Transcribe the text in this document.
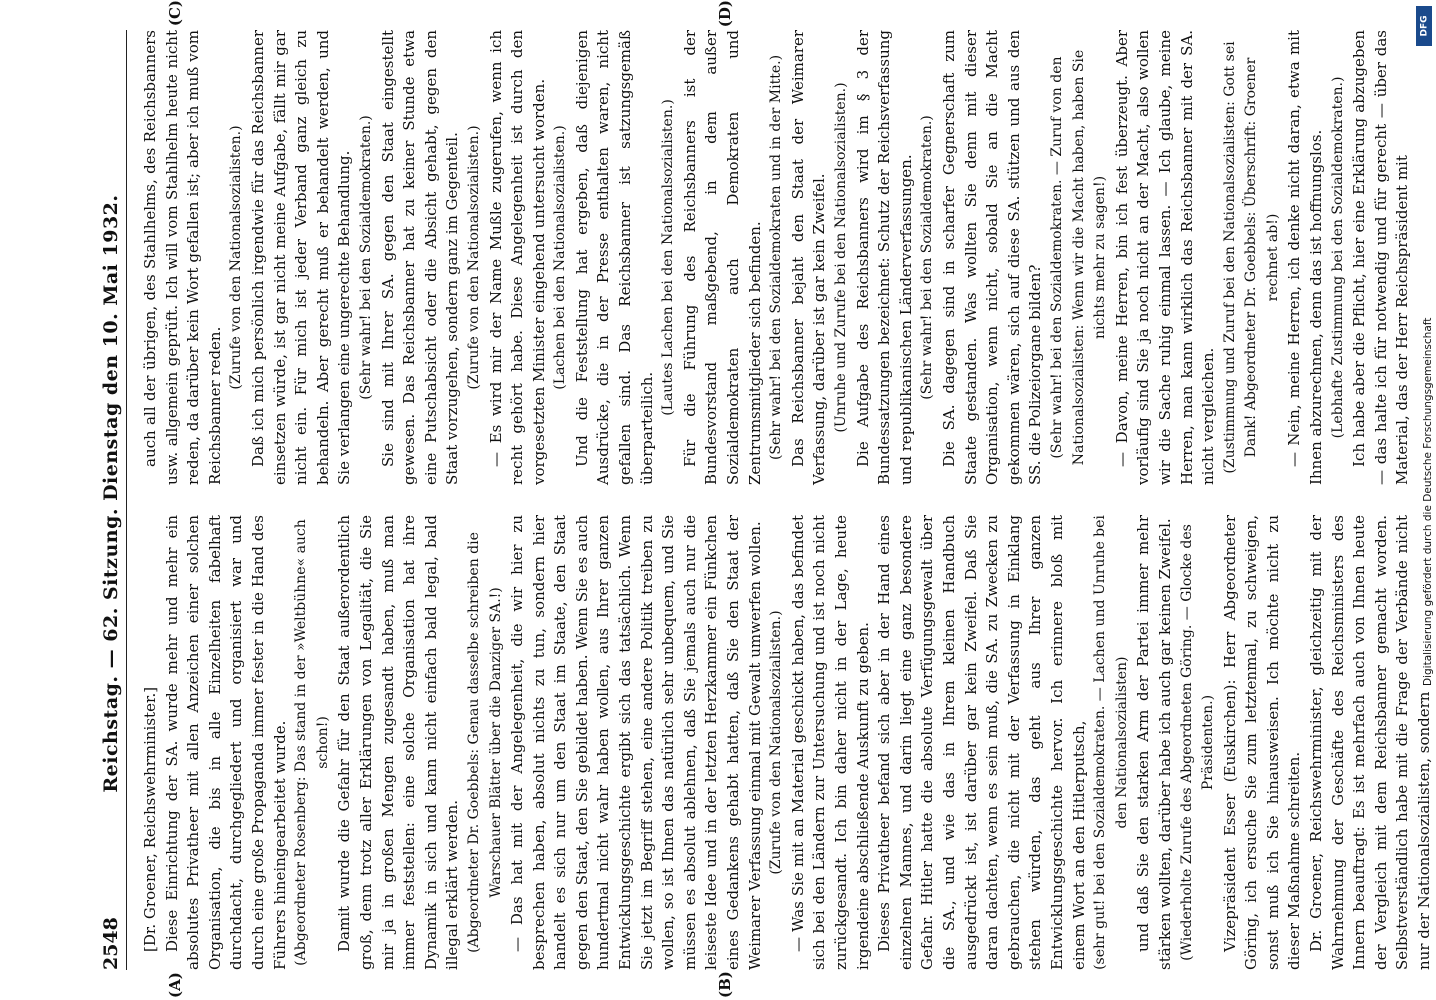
2548
Reichstag. — 62. Sitzung. Dienstag den 10. Mai 1932.

[Dr. Groener, Reichswehrminister.] Diese Einrichtung der SA. wurde mehr und mehr ein absolutes Privatheer mit allen Anzeichen einer solchen Organisation, die bis in alle Einzelheiten fabelhaft durchdacht, durchgegliedert und organisiert war und durch eine große Propaganda immer fester in die Hand des Führers hineingearbeitet wurde. (Abgeordneter Rosenberg: Das stand in der »Weltbühne« auch schon!) Damit wurde die Gefahr für den Staat außerordentlich groß, denn trotz aller Erklärungen von Legalität, die Sie mir ja in großen Mengen zugesandt haben, muß man immer feststellen: eine solche Organisation hat ihre Dynamik in sich und kann nicht einfach bald legal, bald illegal erklärt werden. (Abgeordneter Dr. Goebbels: Genau dasselbe schreiben die Warschauer Blätter über die Danziger SA.!) — Das hat mit der Angelegenheit, die wir hier zu besprechen haben, absolut nichts zu tun, sondern hier handelt es sich nur um den Staat im Staate, den Staat gegen den Staat, den Sie gebildet haben. Wenn Sie es auch hundertmal nicht wahr haben wollen, aus Ihrer ganzen Entwicklungsgeschichte ergibt sich das tatsächlich. Wenn Sie jetzt im Begriff stehen, eine andere Politik treiben zu wollen, so ist Ihnen das natürlich sehr unbequem, und Sie müssen es absolut ablehnen, daß Sie jemals auch nur die leiseste Idee und in der letzten Herzkammer ein Fünkchen eines Gedankens gehabt hatten, daß Sie den Staat der Weimarer Verfassung einmal mit Gewalt umwerfen wollen. (Zurufe von den Nationalsozialisten.) — Was Sie mit an Material geschickt haben, das befindet sich bei den Ländern zur Untersuchung und ist noch nicht zurückgesandt. Ich bin daher nicht in der Lage, heute irgendeine abschließende Auskunft zu geben. Dieses Privatheer befand sich aber in der Hand eines einzelnen Mannes, und darin liegt eine ganz besondere Gefahr. Hitler hatte die absolute Verfügungsgewalt über die SA., und wie das in Ihrem kleinen Handbuch ausgedrückt ist, ist darüber gar kein Zweifel. Daß Sie daran dachten, wenn es sein muß, die SA. zu Zwecken zu gebrauchen, die nicht mit der Verfassung in Einklang stehen würden, das geht aus Ihrer ganzen Entwicklungsgeschichte hervor. Ich erinnere bloß mit einem Wort an den Hitlerputsch, (sehr gut! bei den Sozialdemokraten. — Lachen und Unruhe bei den Nationalsozialisten) und daß Sie den starken Arm der Partei immer mehr stärken wollten, darüber habe ich auch gar keinen Zweifel. (Wiederholte Zurufe des Abgeordneten Göring. — Glocke des Präsidenten.) Vizepräsident Esser (Euskirchen): Herr Abgeordneter Göring, ich ersuche Sie zum letztenmal, zu schweigen, sonst muß ich Sie hinausweisen. Ich möchte nicht zu dieser Maßnahme schreiten. Dr. Groener, Reichswehrminister, gleichzeitig mit der Wahrnehmung der Geschäfte des Reichsministers des Innern beauftragt: Es ist mehrfach auch von Ihnen heute der Vergleich mit dem Reichsbanner gemacht worden. Selbstverständlich habe mit die Frage der Verbände nicht nur der Nationalsozialisten, sondern

auch all der übrigen, des Stahlhelms, des Reichsbanners usw. allgemein geprüft. Ich will vom Stahlhelm heute nicht reden, da darüber kein Wort gefallen ist; aber ich muß vom Reichsbanner reden.

(Zurufe von den Nationalsozialisten.) Daß ich mich persönlich irgendwie für das Reichsbanner einsetzen würde, ist gar nicht meine Aufgabe, fällt mir gar nicht ein. Für mich ist jeder Verband ganz gleich zu behandeln. Aber gerecht muß er behandelt werden, und Sie verlangen eine ungerechte Behandlung. (Sehr wahr! bei den Sozialdemokraten.) Sie sind mit Ihrer SA. gegen den Staat eingestellt gewesen. Das Reichsbanner hat zu keiner Stunde etwa eine Putschabsicht oder die Absicht gehabt, gegen den Staat vorzugehen, sondern ganz im Gegenteil. (Zurufe von den Nationalsozialisten.) — Es wird mir der Name Mußle zugerufen, wenn ich recht gehört habe. Diese Angelegenheit ist durch den vorgesetzten Minister eingehend untersucht worden. (Lachen bei den Nationalsozialisten.) Und die Feststellung hat ergeben, daß diejenigen Ausdrücke, die in der Presse enthalten waren, nicht gefallen sind. Das Reichsbanner ist satzungsgemäß überparteilich.

(Lautes Lachen bei den Nationalsozialisten.) Für die Führung des Reichsbanners ist der Bundesvorstand maßgebend, in dem außer Sozialdemokraten auch Demokraten und Zentrumsmitglieder sich befinden. (Sehr wahr! bei den Sozialdemokraten und in der Mitte.) Das Reichsbanner bejaht den Staat der Weimarer Verfassung, darüber ist gar kein Zweifel. (Unruhe und Zurufe bei den Nationalsozialisten.) Die Aufgabe des Reichsbanners wird im § 3 der Bundessatzungen bezeichnet: Schutz der Reichsverfassung und republikanischen Länderverfassungen. (Sehr wahr! bei den Sozialdemokraten.) Die SA. dagegen sind in scharfer Gegnerschaft zum Staate gestanden. Was wollten Sie denn mit dieser Organisation, wenn nicht, sobald Sie an die Macht gekommen wären, sich auf diese SA. stützen und aus den SS. die Polizeiorgane bilden? (Sehr wahr! bei den Sozialdemokraten. — Zuruf von den Nationalsozialisten: Wenn wir die Macht haben, haben Sie nichts mehr zu sagen!) — Davon, meine Herren, bin ich fest überzeugt. Aber vorläufig sind Sie ja noch nicht an der Macht, also wollen wir die Sache ruhig einmal lassen. — Ich glaube, meine Herren, man kann wirklich das Reichsbanner mit der SA. nicht vergleichen. (Zustimmung und Zuruf bei den Nationalsozialisten: Gott sei Dank! Abgeordneter Dr. Goebbels: Überschrift: Groener rechnet ab!) — Nein, meine Herren, ich denke nicht daran, etwa mit Ihnen abzurechnen, denn das ist hoffnungslos. (Lebhafte Zustimmung bei den Sozialdemokraten.) Ich habe aber die Pflicht, hier eine Erklärung abzugeben — das halte ich für notwendig und für gerecht — über das Material, das der Herr Reichspräsident mit

(A)	(B)
(C)	(D)
Digitalisierung gefördert durch die Deutsche Forschungsgemeinschaft
DFG
